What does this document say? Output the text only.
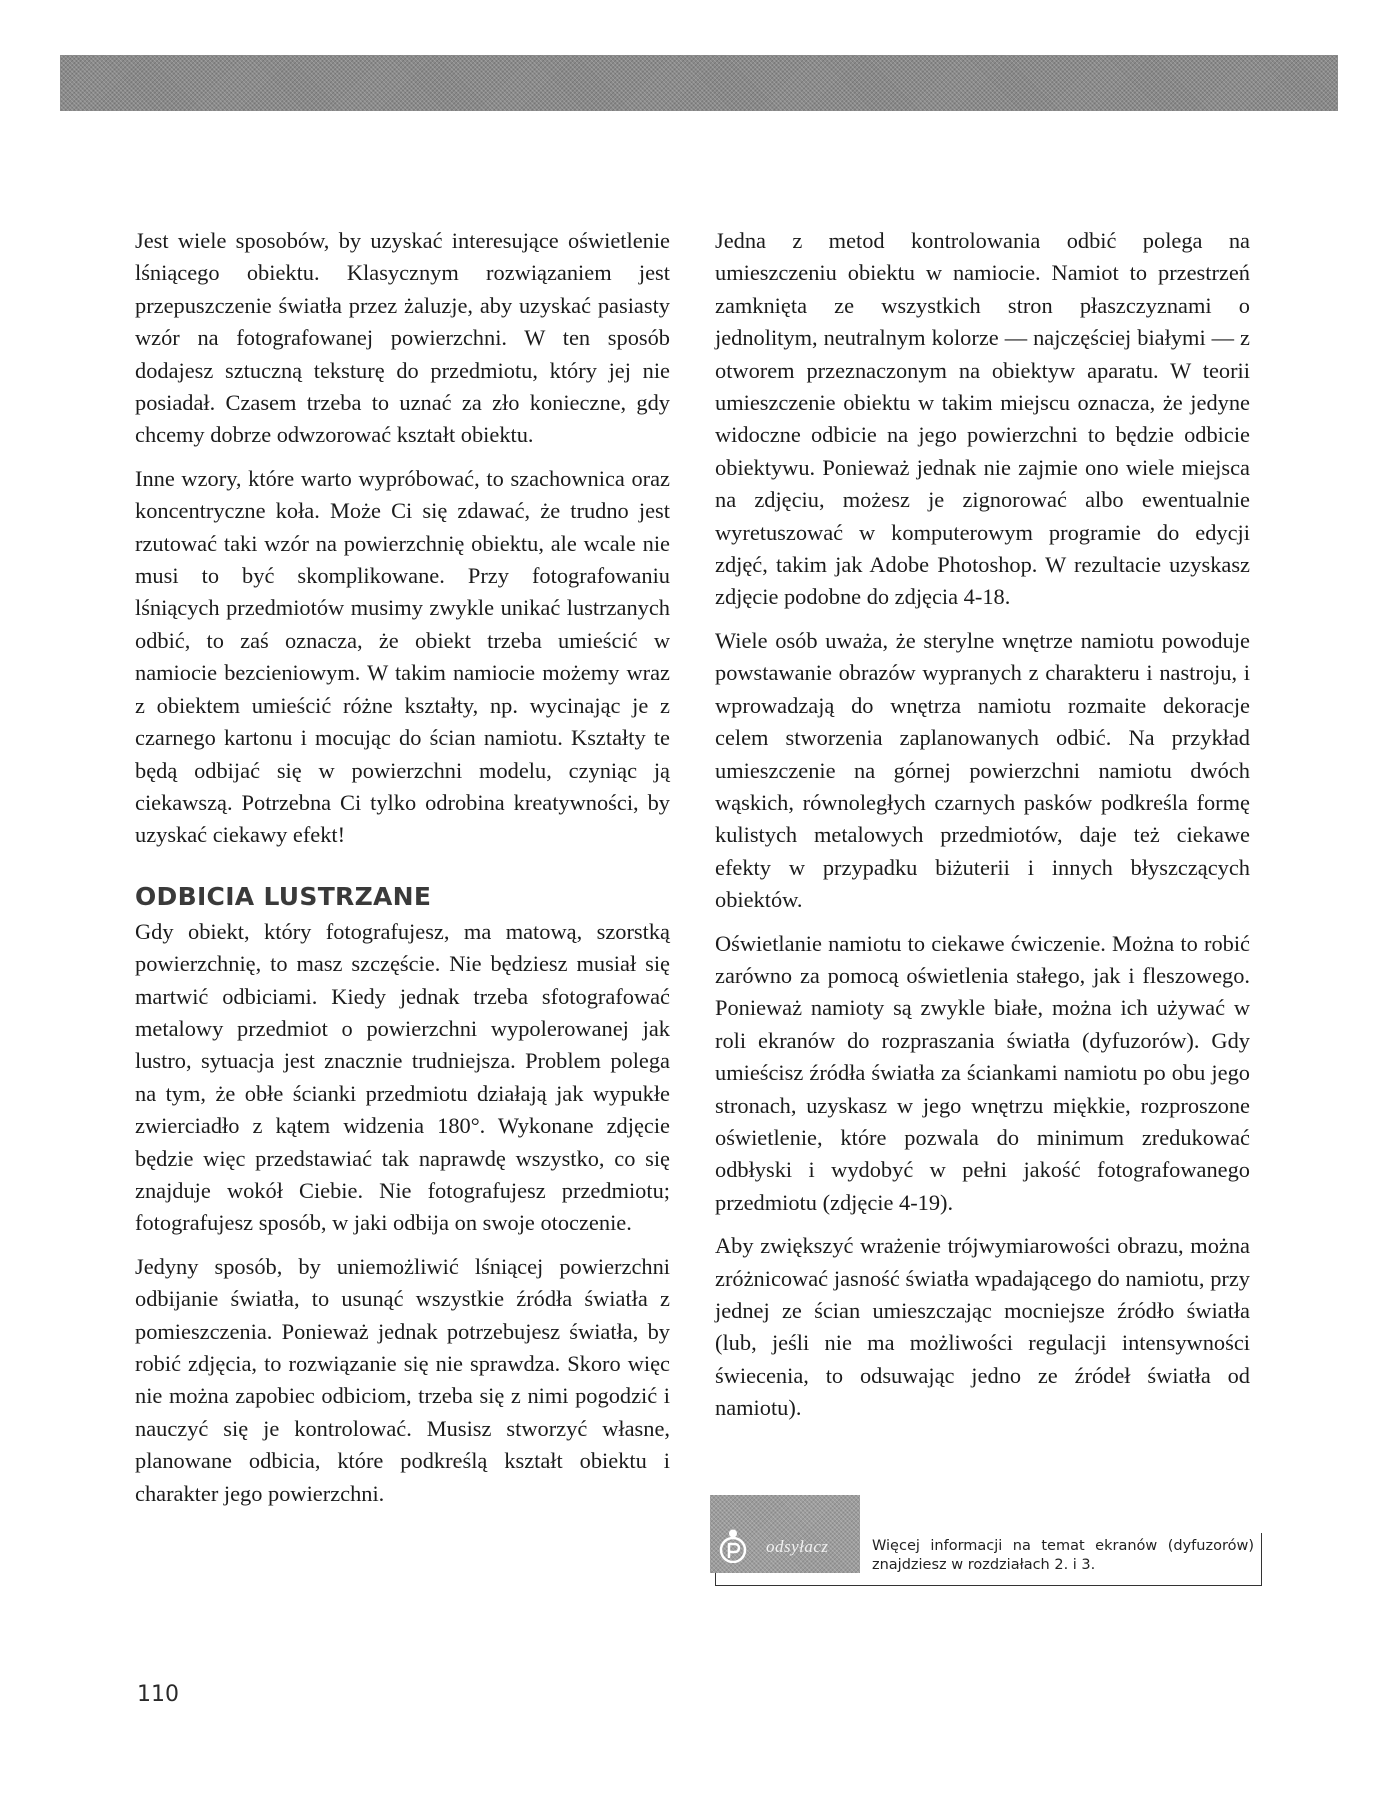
Jest wiele sposobów, by uzyskać interesujące oświetlenie lśniącego obiektu. Klasycznym rozwiązaniem jest przepuszczenie światła przez żaluzje, aby uzyskać pasiasty wzór na fotografowanej powierzchni. W ten sposób dodajesz sztuczną teksturę do przedmiotu, który jej nie posiadał. Czasem trzeba to uznać za zło konieczne, gdy chcemy dobrze odwzorować kształt obiektu.

Inne wzory, które warto wypróbować, to szachownica oraz koncentryczne koła. Może Ci się zdawać, że trudno jest rzutować taki wzór na powierzchnię obiektu, ale wcale nie musi to być skomplikowane. Przy fotografowaniu lśniących przedmiotów musimy zwykle unikać lustrzanych odbić, to zaś oznacza, że obiekt trzeba umieścić w namiocie bezcieniowym. W takim namiocie możemy wraz z obiektem umieścić różne kształty, np. wycinając je z czarnego kartonu i mocując do ścian namiotu. Kształty te będą odbijać się w powierzchni modelu, czyniąc ją ciekawszą. Potrzebna Ci tylko odrobina kreatywności, by uzyskać ciekawy efekt!

ODBICIA LUSTRZANE

Gdy obiekt, który fotografujesz, ma matową, szorstką powierzchnię, to masz szczęście. Nie będziesz musiał się martwić odbiciami. Kiedy jednak trzeba sfotografować metalowy przedmiot o powierzchni wypolerowanej jak lustro, sytuacja jest znacznie trudniejsza. Problem polega na tym, że obłe ścianki przedmiotu działają jak wypukłe zwierciadło z kątem widzenia 180°. Wykonane zdjęcie będzie więc przedstawiać tak naprawdę wszystko, co się znajduje wokół Ciebie. Nie fotografujesz przedmiotu; fotografujesz sposób, w jaki odbija on swoje otoczenie.

Jedyny sposób, by uniemożliwić lśniącej powierzchni odbijanie światła, to usunąć wszystkie źródła światła z pomieszczenia. Ponieważ jednak potrzebujesz światła, by robić zdjęcia, to rozwiązanie się nie sprawdza. Skoro więc nie można zapobiec odbiciom, trzeba się z nimi pogodzić i nauczyć się je kontrolować. Musisz stworzyć własne, planowane odbicia, które podkreślą kształt obiektu i charakter jego powierzchni.

Jedna z metod kontrolowania odbić polega na umieszczeniu obiektu w namiocie. Namiot to przestrzeń zamknięta ze wszystkich stron płaszczyznami o jednolitym, neutralnym kolorze — najczęściej białymi — z otworem przeznaczonym na obiektyw aparatu. W teorii umieszczenie obiektu w takim miejscu oznacza, że jedyne widoczne odbicie na jego powierzchni to będzie odbicie obiektywu. Ponieważ jednak nie zajmie ono wiele miejsca na zdjęciu, możesz je zignorować albo ewentualnie wyretuszować w komputerowym programie do edycji zdjęć, takim jak Adobe Photoshop. W rezultacie uzyskasz zdjęcie podobne do zdjęcia 4-18.

Wiele osób uważa, że sterylne wnętrze namiotu powoduje powstawanie obrazów wypranych z charakteru i nastroju, i wprowadzają do wnętrza namiotu rozmaite dekoracje celem stworzenia zaplanowanych odbić. Na przykład umieszczenie na górnej powierzchni namiotu dwóch wąskich, równoległych czarnych pasków podkreśla formę kulistych metalowych przedmiotów, daje też ciekawe efekty w przypadku biżuterii i innych błyszczących obiektów.

Oświetlanie namiotu to ciekawe ćwiczenie. Można to robić zarówno za pomocą oświetlenia stałego, jak i fleszowego. Ponieważ namioty są zwykle białe, można ich używać w roli ekranów do rozpraszania światła (dyfuzorów). Gdy umieścisz źródła światła za ściankami namiotu po obu jego stronach, uzyskasz w jego wnętrzu miękkie, rozproszone oświetlenie, które pozwala do minimum zredukować odbłyski i wydobyć w pełni jakość fotografowanego przedmiotu (zdjęcie 4-19).

Aby zwiększyć wrażenie trójwymiarowości obrazu, można zróżnicować jasność światła wpadającego do namiotu, przy jednej ze ścian umieszczając mocniejsze źródło światła (lub, jeśli nie ma możliwości regulacji intensywności świecenia, to odsuwając jedno ze źródeł światła od namiotu).

odsyłacz	Więcej informacji na temat ekranów (dyfuzorów) znajdziesz w rozdziałach 2. i 3.
110
